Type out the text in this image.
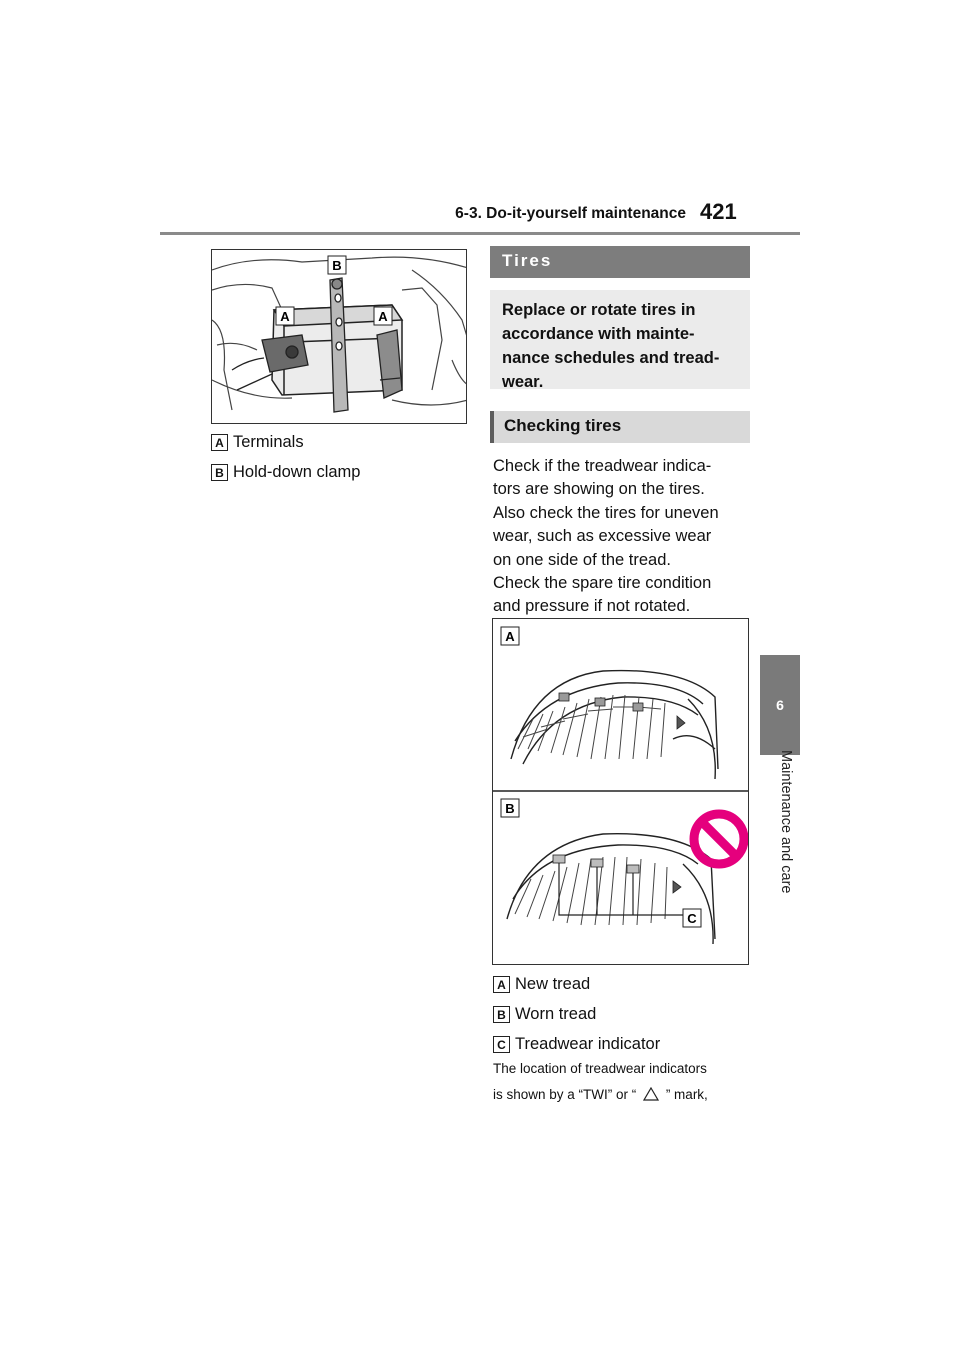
6-3. Do-it-yourself maintenance 421
6
Maintenance and care
B
A	A
A Terminals
B Hold-down clamp
Tires
Replace or rotate tires in
accordance with mainte-
nance schedules and tread-
wear.
Checking tires
Check if the treadwear indica-
tors are showing on the tires.
Also check the tires for uneven
wear, such as excessive wear
on one side of the tread.
Check the spare tire condition
and pressure if not rotated.
A
B
C
A New tread
B Worn tread
C Treadwear indicator
The location of treadwear indicators
is shown by a “TWI” or “ ” mark,
